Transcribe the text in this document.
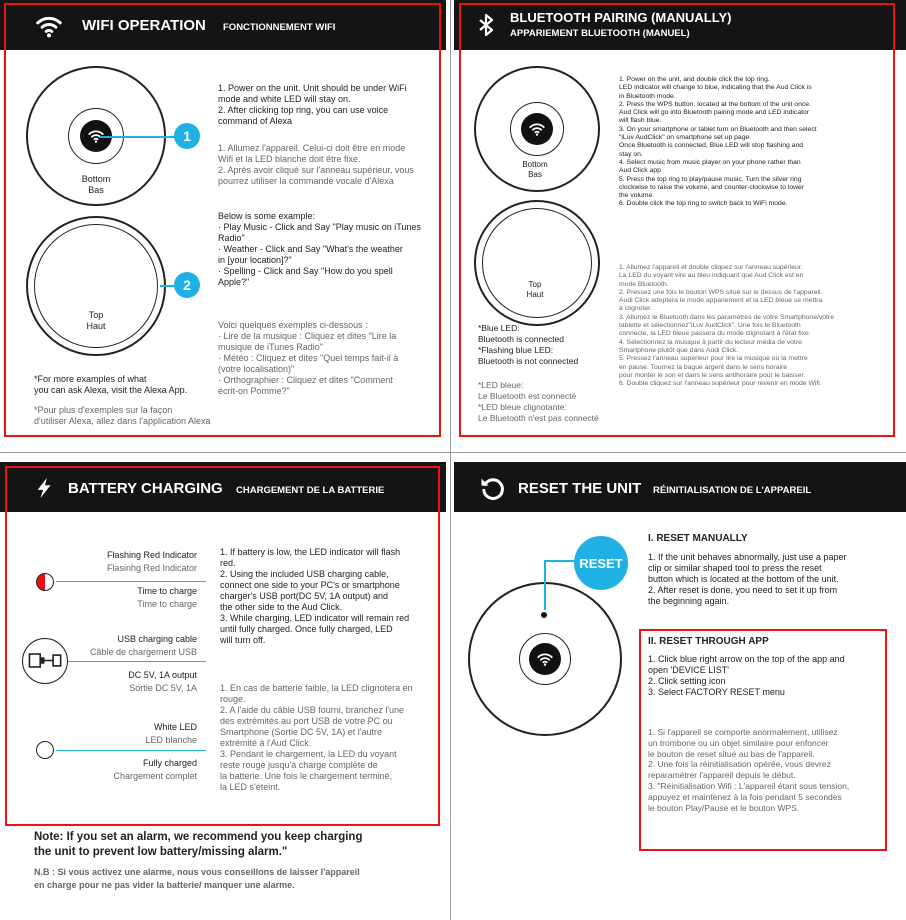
WIFI OPERATION FONCTIONNEMENT WIFI
Bottom
Bas
1
Top
Haut
2
1. Power on the unit. Unit should be under WiFi
mode and white LED will stay on.
2. After clicking top ring, you can use voice
command of Alexa
1. Allumez l'appareil. Celui-ci doit être en mode
Wifi et la LED blanche doit être fixe.
2. Après avoir cliqué sur l'anneau supérieur, vous
pourrez utiliser la commande vocale d'Alexa
Below is some example:
· Play Music - Click and Say "Play music on iTunes
Radio"
· Weather - Click and Say "What's the weather
in [your location]?"
· Spelling - Click and Say "How do you spell
Apple?"
Voici quelques exemples ci-dessous :
· Lire de la musique : Cliquez et dites "Lire la
musique de iTunes Radio"
· Météo : Cliquez et dites "Quel temps fait-il à
(votre localisation)"
· Orthographier : Cliquez et dites "Comment
écrit-on Pomme?"
*For more examples of what
you can ask Alexa, visit the Alexa App.
*Pour plus d'exemples sur la façon
d'utiliser Alexa, allez dans l'application Alexa
BLUETOOTH PAIRING (MANUALLY)
APPARIEMENT BLUETOOTH (MANUEL)
Bottom
Bas
Top
Haut
*Blue LED:
Bluetooth is connected
*Flashing blue LED:
Bluetooth is not connected
*LED bleue:
Le Bluetooth est connecté
*LED bleue clignotante:
Le Bluetooth n'est pas connecté
1. Power on the unit, and double click the top ring.
LED indicator will change to blue, indicating that the Aud Click is
in Bluetooth mode.
2. Press the WPS button, located at the bottom of the unit once.
Aud Click will go into Bluetooth pairing mode and LED indicator
will flash blue.
3. On your smartphone or tablet turn on Bluetooth and then select
"iLuv AudClick" on smartphone set up page.
Once Bluetooth is connected, Blue LED will stop flashing and
stay on.
4. Select music from music player on your phone rather than
Aud Click app
5. Press the top ring to play/pause music. Turn the silver ring
clockwise to raise the volume, and counter-clockwise to lower
the volume.
6. Double click the top ring to switch back to WiFi mode.
1. Allumez l'appareil et double cliquez sur l'anneau supérieur.
La LED du voyant vire au bleu indiquant que Aud Click est en
mode Bluetooth.
2. Pressez une fois le bouton WPS situé sur le dessus de l'appareil.
Audi Click adoptera le mode appariement et la LED bleue se mettra
à clignoter.
3. Allumez le Bluetooth dans les paramètres de votre Smartphone/votre
tablette et sélectionnez"iLuv AudClick". Une fois le Bluetooth
connecté, la LED bleue passera du mode clignotant à l'état fixe.
4. Sélectionnez la musique à partir du lecteur média de votre
Smartphone plutôt que dans Audi Click.
5. Pressez l'anneau supérieur pour lire la musique ou la mettre
en pause. Tournez la bague argent dans le sens horaire
pour monter le son et dans le sens antihoraire pour le baisser.
6. Double cliquez sur l'anneau supérieur pour revenir en mode Wifi.
BATTERY CHARGING CHARGEMENT DE LA BATTERIE
Flashing Red Indicator
Flasinhg Red Indicator
Time to charge
Time to charge
USB charging cable
Câble de chargement USB
DC 5V, 1A output
Sortie DC 5V, 1A
White LED
LED blanche
Fully charged
Chargement complet
1. If battery is low, the LED indicator will flash
red.
2. Using the included USB charging cable,
connect one side to your PC's or smartphone
charger's USB port(DC 5V, 1A output) and
the other side to the Aud Click.
3. While charging, LED indicator will remain red
until fully charged. Once fully charged, LED
will turn off.
1. En cas de batterie faible, la LED clignotera en
rouge.
2. A l'aide du câble USB fourni, branchez l'une
des extrémités au port USB de votre PC ou
Smartphone (Sortie DC 5V, 1A) et l'autre
extrémité à l'Aud Click.
3. Pendant le chargement, la LED du voyant
reste rouge jusqu'à charge complète de
la batterie. Une fois le chargement terminé,
la LED s'éteint.
Note: If you set an alarm, we recommend you keep charging
the unit to prevent low battery/missing alarm."
N.B : Si vous activez une alarme, nous vous conseillons de laisser l'appareil
en charge pour ne pas vider la batterie/ manquer une alarme.
RESET THE UNIT RÉINITIALISATION DE L'APPAREIL
RESET
I. RESET MANUALLY
1. If the unit behaves abnormally, just use a paper
clip or similar shaped tool to press the reset
button which is located at the bottom of the unit.
2. After reset is done, you need to set it up from
the beginning again.
II. RESET THROUGH APP
1. Click blue right arrow on the top of the app and
open 'DEVICE LIST'
2. Click setting icon
3. Select FACTORY RESET menu
1. Si l'appareil se comporte anormalement, utilisez
un trombone ou un objet similaire pour enfoncer
le bouton de reset situé au bas de l'appareil.
2. Une fois la réinitialisation opérée, vous devrez
reparamétrer l'appareil depuis le début.
3. "Réinitialisation Wifi : L'appareil étant sous tension,
appuyez et maintenez à la fois pendant 5 secondes
le bouton Play/Pause et le bouton WPS.
